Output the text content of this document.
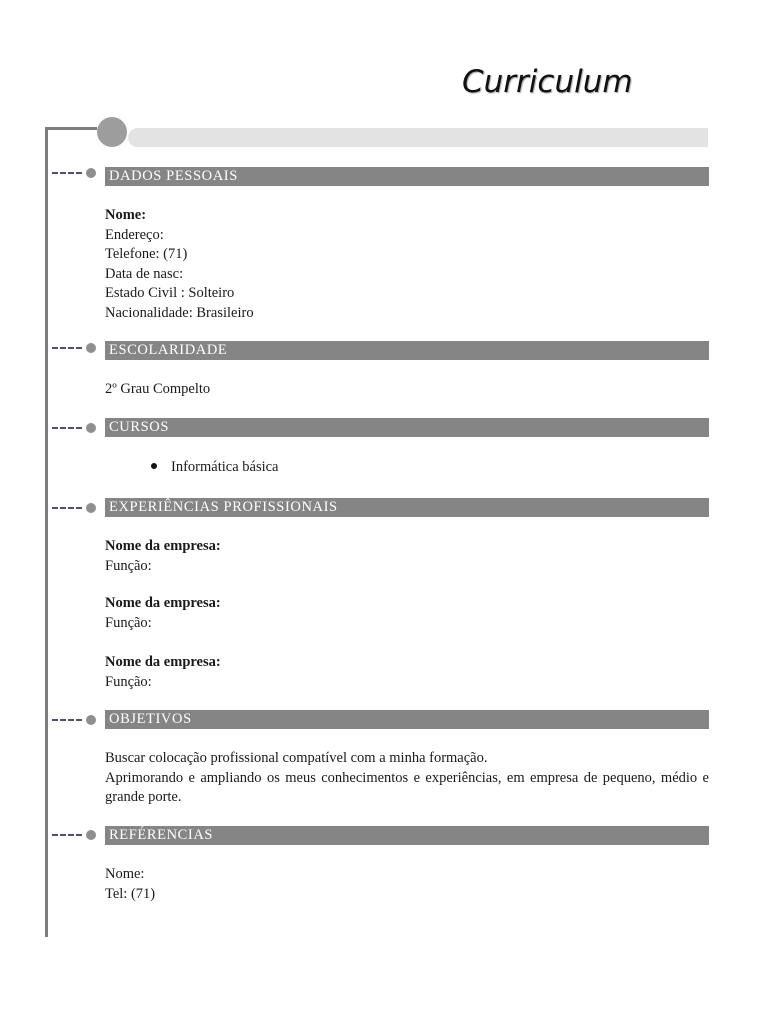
Curriculum
DADOS PESSOAIS
Nome:
Endereço:
Telefone: (71)
Data de nasc:
Estado Civil : Solteiro
Nacionalidade: Brasileiro
ESCOLARIDADE
2º Grau Compelto
CURSOS
Informática básica
EXPERIÊNCIAS PROFISSIONAIS
Nome da empresa:
Função:
Nome da empresa:
Função:
Nome da empresa:
Função:
OBJETIVOS
Buscar colocação profissional compatível com a minha formação.
Aprimorando e ampliando os meus conhecimentos e experiências, em empresa de pequeno, médio e grande porte.
REFÉRENCIAS
Nome:
Tel: (71)
